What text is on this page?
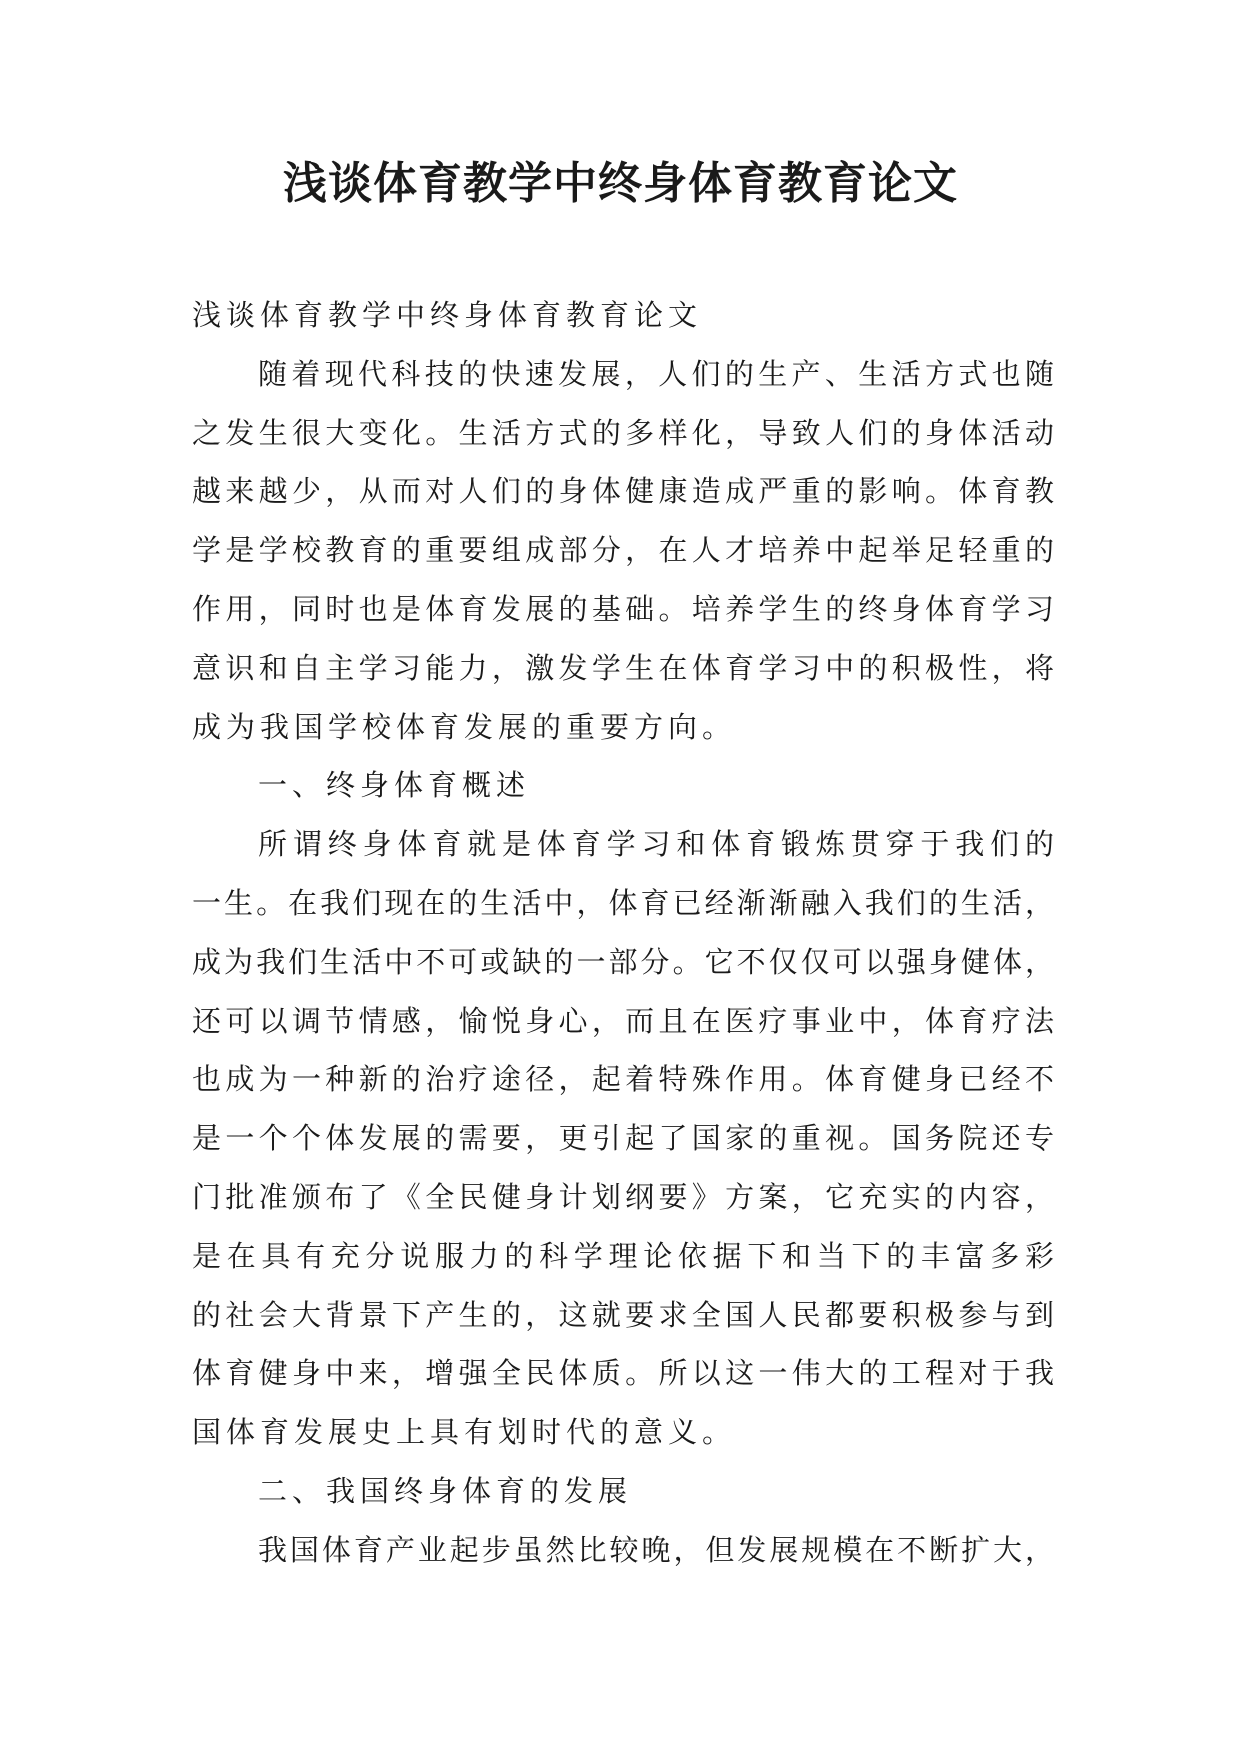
浅谈体育教学中终身体育教育论文
浅谈体育教学中终身体育教育论文
随着现代科技的快速发展，人们的生产、生活方式也随
之发生很大变化。生活方式的多样化，导致人们的身体活动
越来越少，从而对人们的身体健康造成严重的影响。体育教
学是学校教育的重要组成部分，在人才培养中起举足轻重的
作用，同时也是体育发展的基础。培养学生的终身体育学习
意识和自主学习能力，激发学生在体育学习中的积极性，将
成为我国学校体育发展的重要方向。
一、终身体育概述
所谓终身体育就是体育学习和体育锻炼贯穿于我们的
一生。在我们现在的生活中，体育已经渐渐融入我们的生活，
成为我们生活中不可或缺的一部分。它不仅仅可以强身健体，
还可以调节情感，愉悦身心，而且在医疗事业中，体育疗法
也成为一种新的治疗途径，起着特殊作用。体育健身已经不
是一个个体发展的需要，更引起了国家的重视。国务院还专
门批准颁布了《全民健身计划纲要》方案，它充实的内容，
是在具有充分说服力的科学理论依据下和当下的丰富多彩
的社会大背景下产生的，这就要求全国人民都要积极参与到
体育健身中来，增强全民体质。所以这一伟大的工程对于我
国体育发展史上具有划时代的意义。
二、我国终身体育的发展
我国体育产业起步虽然比较晚，但发展规模在不断扩大，
